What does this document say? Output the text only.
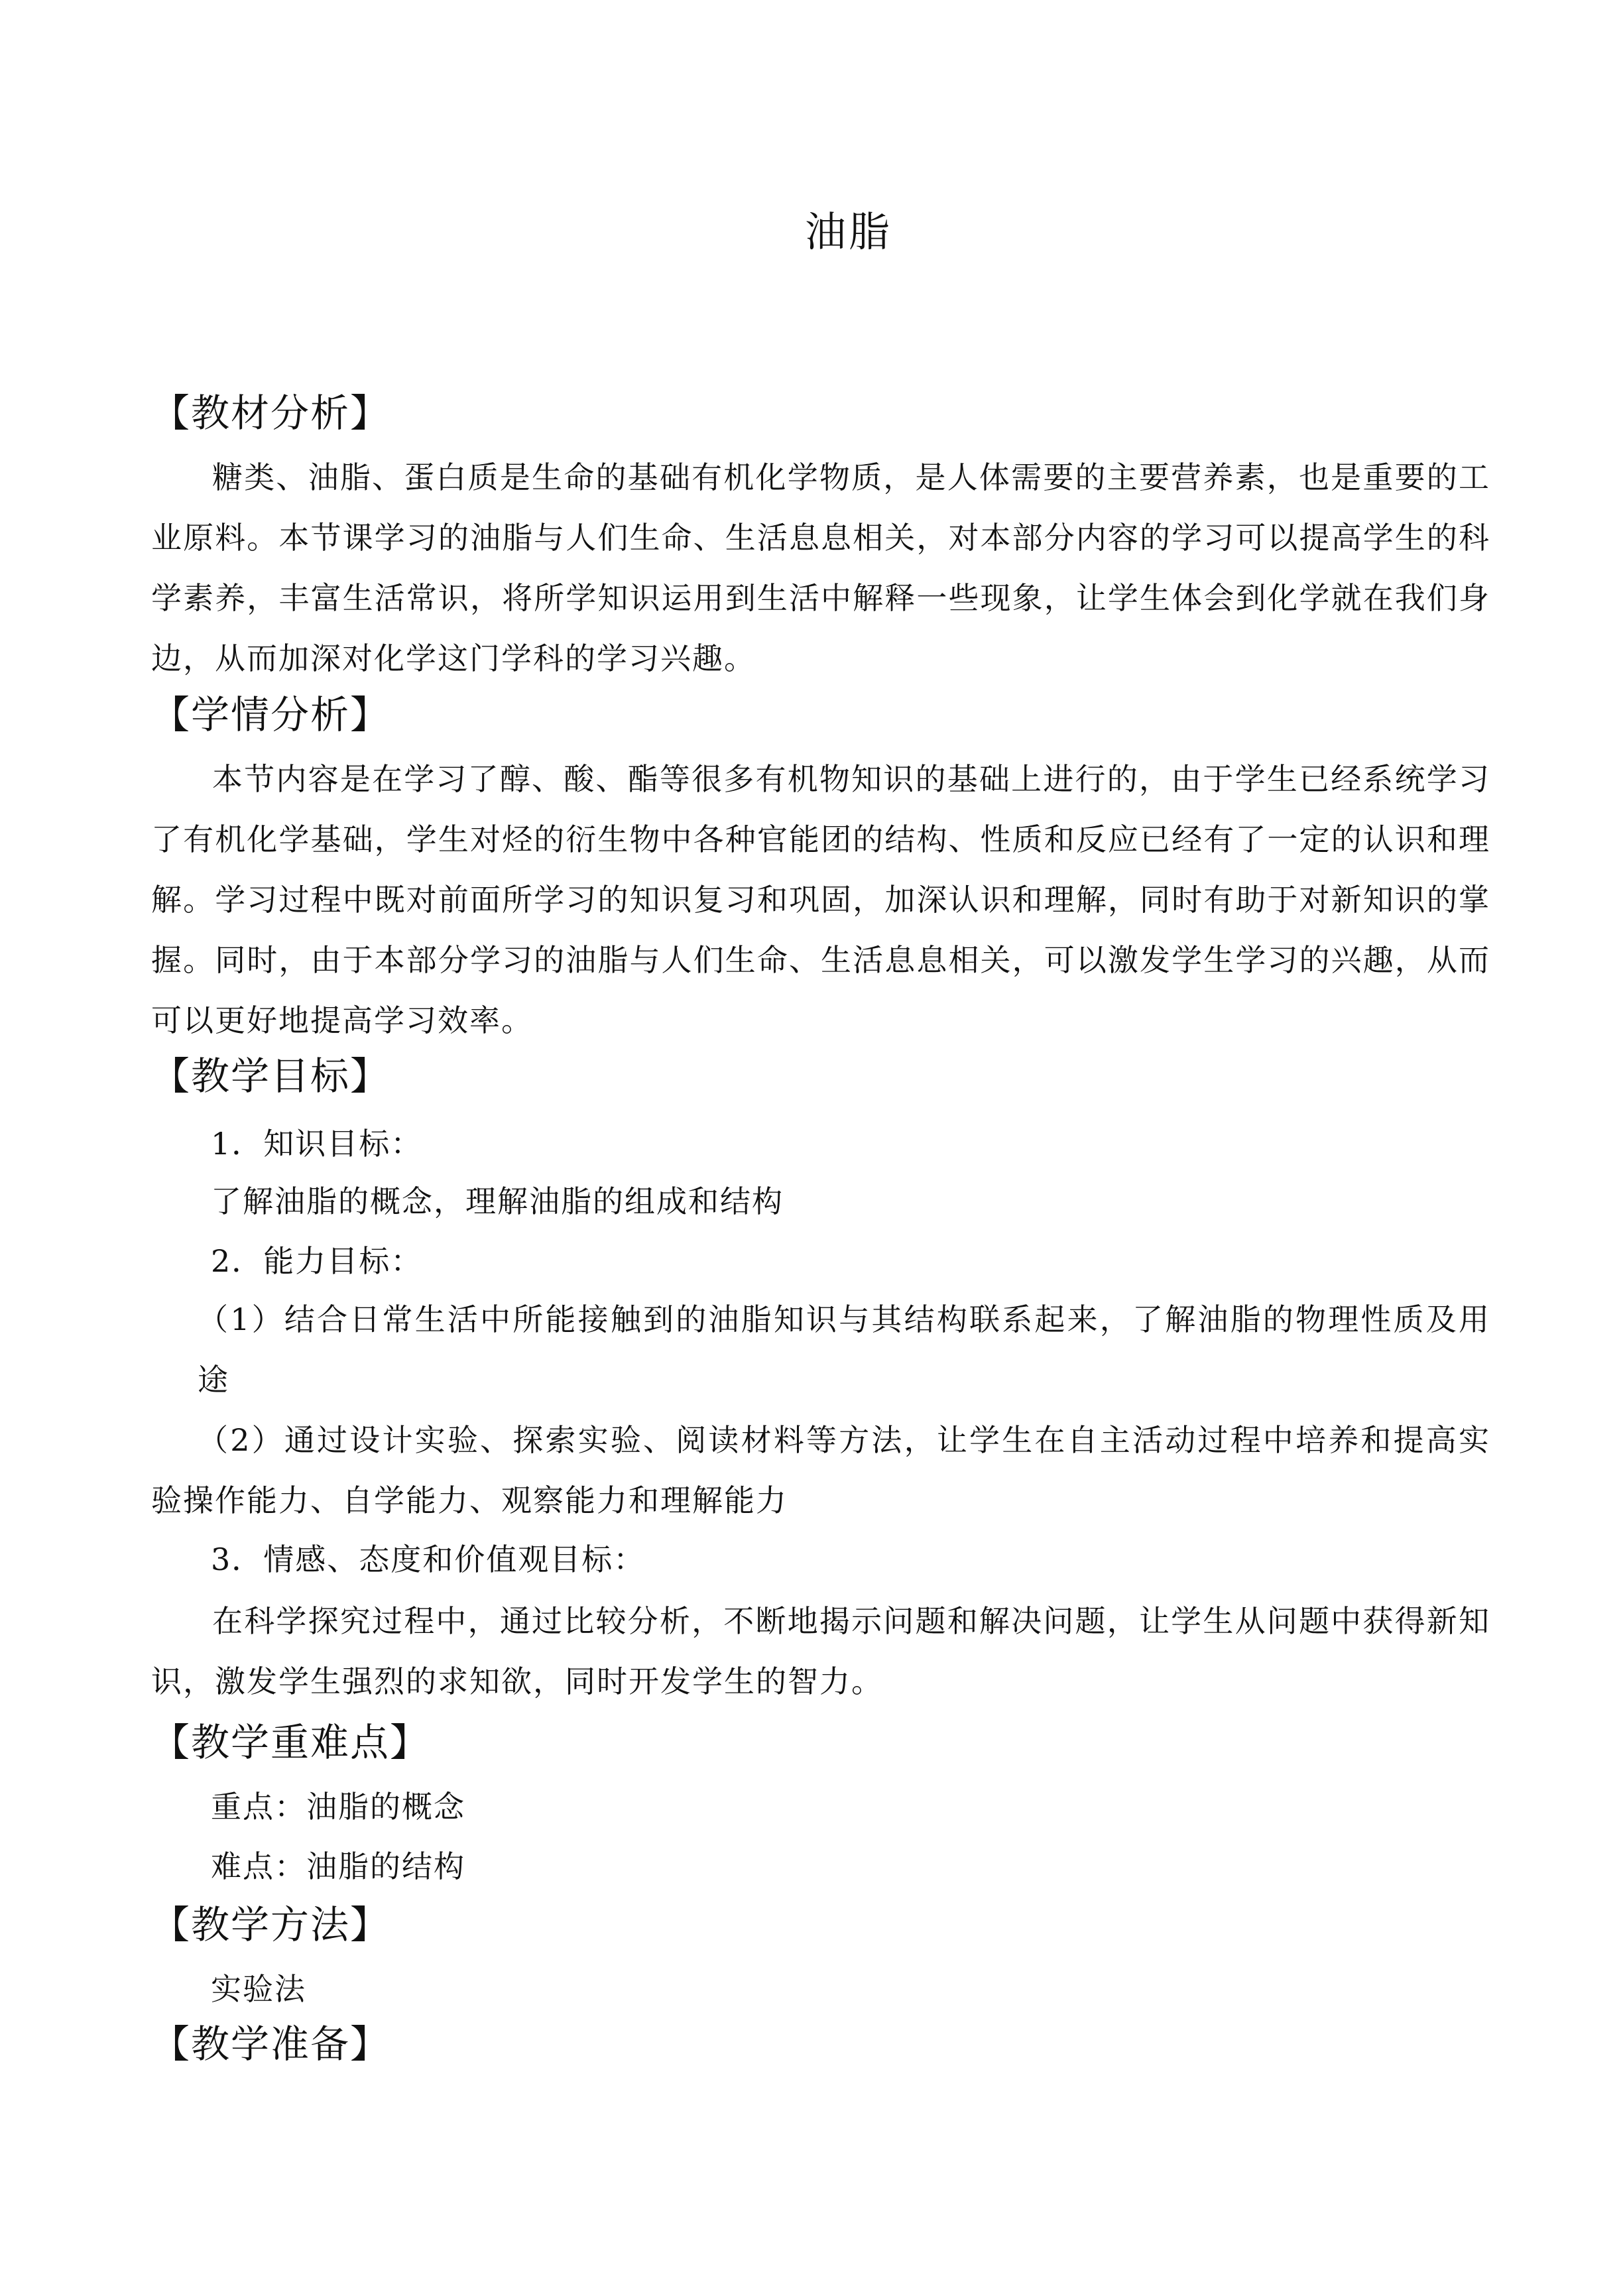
油脂
【教材分析】
糖类、油脂、蛋白质是生命的基础有机化学物质，是人体需要的主要营养素，也是重要的工业原料。本节课学习的油脂与人们生命、生活息息相关，对本部分内容的学习可以提高学生的科学素养，丰富生活常识，将所学知识运用到生活中解释一些现象，让学生体会到化学就在我们身边，从而加深对化学这门学科的学习兴趣。
【学情分析】
本节内容是在学习了醇、酸、酯等很多有机物知识的基础上进行的，由于学生已经系统学习了有机化学基础，学生对烃的衍生物中各种官能团的结构、性质和反应已经有了一定的认识和理解。学习过程中既对前面所学习的知识复习和巩固，加深认识和理解，同时有助于对新知识的掌握。同时，由于本部分学习的油脂与人们生命、生活息息相关，可以激发学生学习的兴趣，从而可以更好地提高学习效率。
【教学目标】
1．知识目标：
了解油脂的概念，理解油脂的组成和结构
2．能力目标：
（1）结合日常生活中所能接触到的油脂知识与其结构联系起来，了解油脂的物理性质及用途
（2）通过设计实验、探索实验、阅读材料等方法，让学生在自主活动过程中培养和提高实验操作能力、自学能力、观察能力和理解能力
3．情感、态度和价值观目标：
在科学探究过程中，通过比较分析，不断地揭示问题和解决问题，让学生从问题中获得新知识，激发学生强烈的求知欲，同时开发学生的智力。
【教学重难点】
重点：油脂的概念
难点：油脂的结构
【教学方法】
实验法
【教学准备】
